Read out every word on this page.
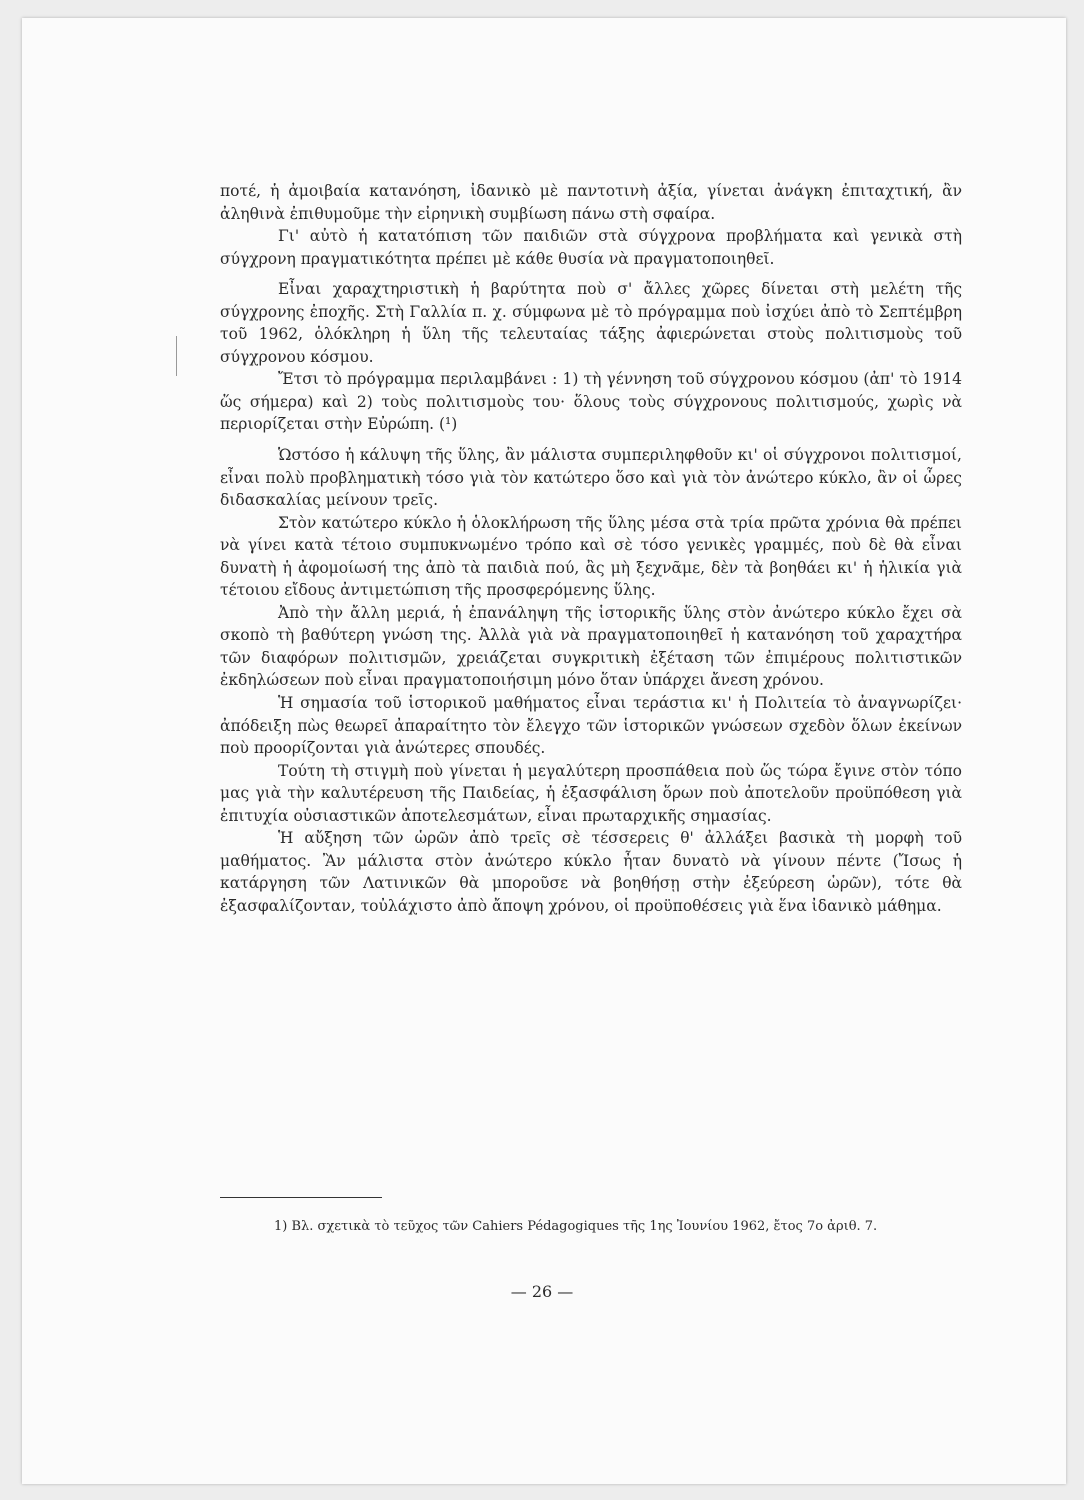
ποτέ, ἡ ἀμοιβαία κατανόηση, ἰδανικὸ μὲ παντοτινὴ ἀξία, γίνεται ἀνάγκη ἐπιταχτική, ἂν ἀληθινὰ ἐπιθυμοῦμε τὴν εἰρηνικὴ συμβίωση πάνω στὴ σφαίρα.

Γι' αὐτὸ ἡ κατατόπιση τῶν παιδιῶν στὰ σύγχρονα προβλήματα καὶ γενικὰ στὴ σύγχρονη πραγματικότητα πρέπει μὲ κάθε θυσία νὰ πραγματοποιηθεῖ.

Εἶναι χαραχτηριστικὴ ἡ βαρύτητα ποὺ σ' ἄλλες χῶρες δίνεται στὴ μελέτη τῆς σύγχρονης ἐποχῆς. Στὴ Γαλλία π. χ. σύμφωνα μὲ τὸ πρόγραμμα ποὺ ἰσχύει ἀπὸ τὸ Σεπτέμβρη τοῦ 1962, ὁλόκληρη ἡ ὕλη τῆς τελευταίας τάξης ἀφιερώνεται στοὺς πολιτισμοὺς τοῦ σύγχρονου κόσμου.

Ἔτσι τὸ πρόγραμμα περιλαμβάνει : 1) τὴ γέννηση τοῦ σύγχρονου κόσμου (ἀπ' τὸ 1914 ὥς σήμερα) καὶ 2) τοὺς πολιτισμοὺς του· ὅλους τοὺς σύγχρονους πολιτισμούς, χωρὶς νὰ περιορίζεται στὴν Εὐρώπη. (¹)

Ὡστόσο ἡ κάλυψη τῆς ὕλης, ἂν μάλιστα συμπεριληφθοῦν κι' οἱ σύγχρονοι πολιτισμοί, εἶναι πολὺ προβληματικὴ τόσο γιὰ τὸν κατώτερο ὅσο καὶ γιὰ τὸν ἀνώτερο κύκλο, ἂν οἱ ὧρες διδασκαλίας μείνουν τρεῖς.

Στὸν κατώτερο κύκλο ἡ ὁλοκλήρωση τῆς ὕλης μέσα στὰ τρία πρῶτα χρόνια θὰ πρέπει νὰ γίνει κατὰ τέτοιο συμπυκνωμένο τρόπο καὶ σὲ τόσο γενικὲς γραμμές, ποὺ δὲ θὰ εἶναι δυνατὴ ἡ ἀφομοίωσή της ἀπὸ τὰ παιδιὰ πού, ἂς μὴ ξεχνᾶμε, δὲν τὰ βοηθάει κι' ἡ ἡλικία γιὰ τέτοιου εἴδους ἀντιμετώπιση τῆς προσφερόμενης ὕλης.

Ἀπὸ τὴν ἄλλη μεριά, ἡ ἐπανάληψη τῆς ἱστορικῆς ὕλης στὸν ἀνώτερο κύκλο ἔχει σὰ σκοπὸ τὴ βαθύτερη γνώση της. Ἀλλὰ γιὰ νὰ πραγματοποιηθεῖ ἡ κατανόηση τοῦ χαραχτήρα τῶν διαφόρων πολιτισμῶν, χρειάζεται συγκριτικὴ ἐξέταση τῶν ἐπιμέρους πολιτιστικῶν ἐκδηλώσεων ποὺ εἶναι πραγματοποιήσιμη μόνο ὅταν ὑπάρχει ἄνεση χρόνου.

Ἡ σημασία τοῦ ἱστορικοῦ μαθήματος εἶναι τεράστια κι' ἡ Πολιτεία τὸ ἀναγνωρίζει· ἀπόδειξη πὼς θεωρεῖ ἀπαραίτητο τὸν ἔλεγχο τῶν ἱστορικῶν γνώσεων σχεδὸν ὅλων ἐκείνων ποὺ προορίζονται γιὰ ἀνώτερες σπουδές.

Τούτη τὴ στιγμὴ ποὺ γίνεται ἡ μεγαλύτερη προσπάθεια ποὺ ὥς τώρα ἔγινε στὸν τόπο μας γιὰ τὴν καλυτέρευση τῆς Παιδείας, ἡ ἐξασφάλιση ὅρων ποὺ ἀποτελοῦν προϋπόθεση γιὰ ἐπιτυχία οὐσιαστικῶν ἀποτελεσμάτων, εἶναι πρωταρχικῆς σημασίας.

Ἡ αὔξηση τῶν ὡρῶν ἀπὸ τρεῖς σὲ τέσσερεις θ' ἀλλάξει βασικὰ τὴ μορφὴ τοῦ μαθήματος. Ἂν μάλιστα στὸν ἀνώτερο κύκλο ἦταν δυνατὸ νὰ γίνουν πέντε (Ἴσως ἡ κατάργηση τῶν Λατινικῶν θὰ μποροῦσε νὰ βοηθήσῃ στὴν ἐξεύρεση ὡρῶν), τότε θὰ ἐξασφαλίζονταν, τοὐλάχιστο ἀπὸ ἄποψη χρόνου, οἱ προϋποθέσεις γιὰ ἕνα ἰδανικὸ μάθημα.

1) Βλ. σχετικὰ τὸ τεῦχος τῶν Cahiers Pédagogiques τῆς 1ης Ἰουνίου 1962, ἔτος 7ο ἀριθ. 7.
— 26 —
